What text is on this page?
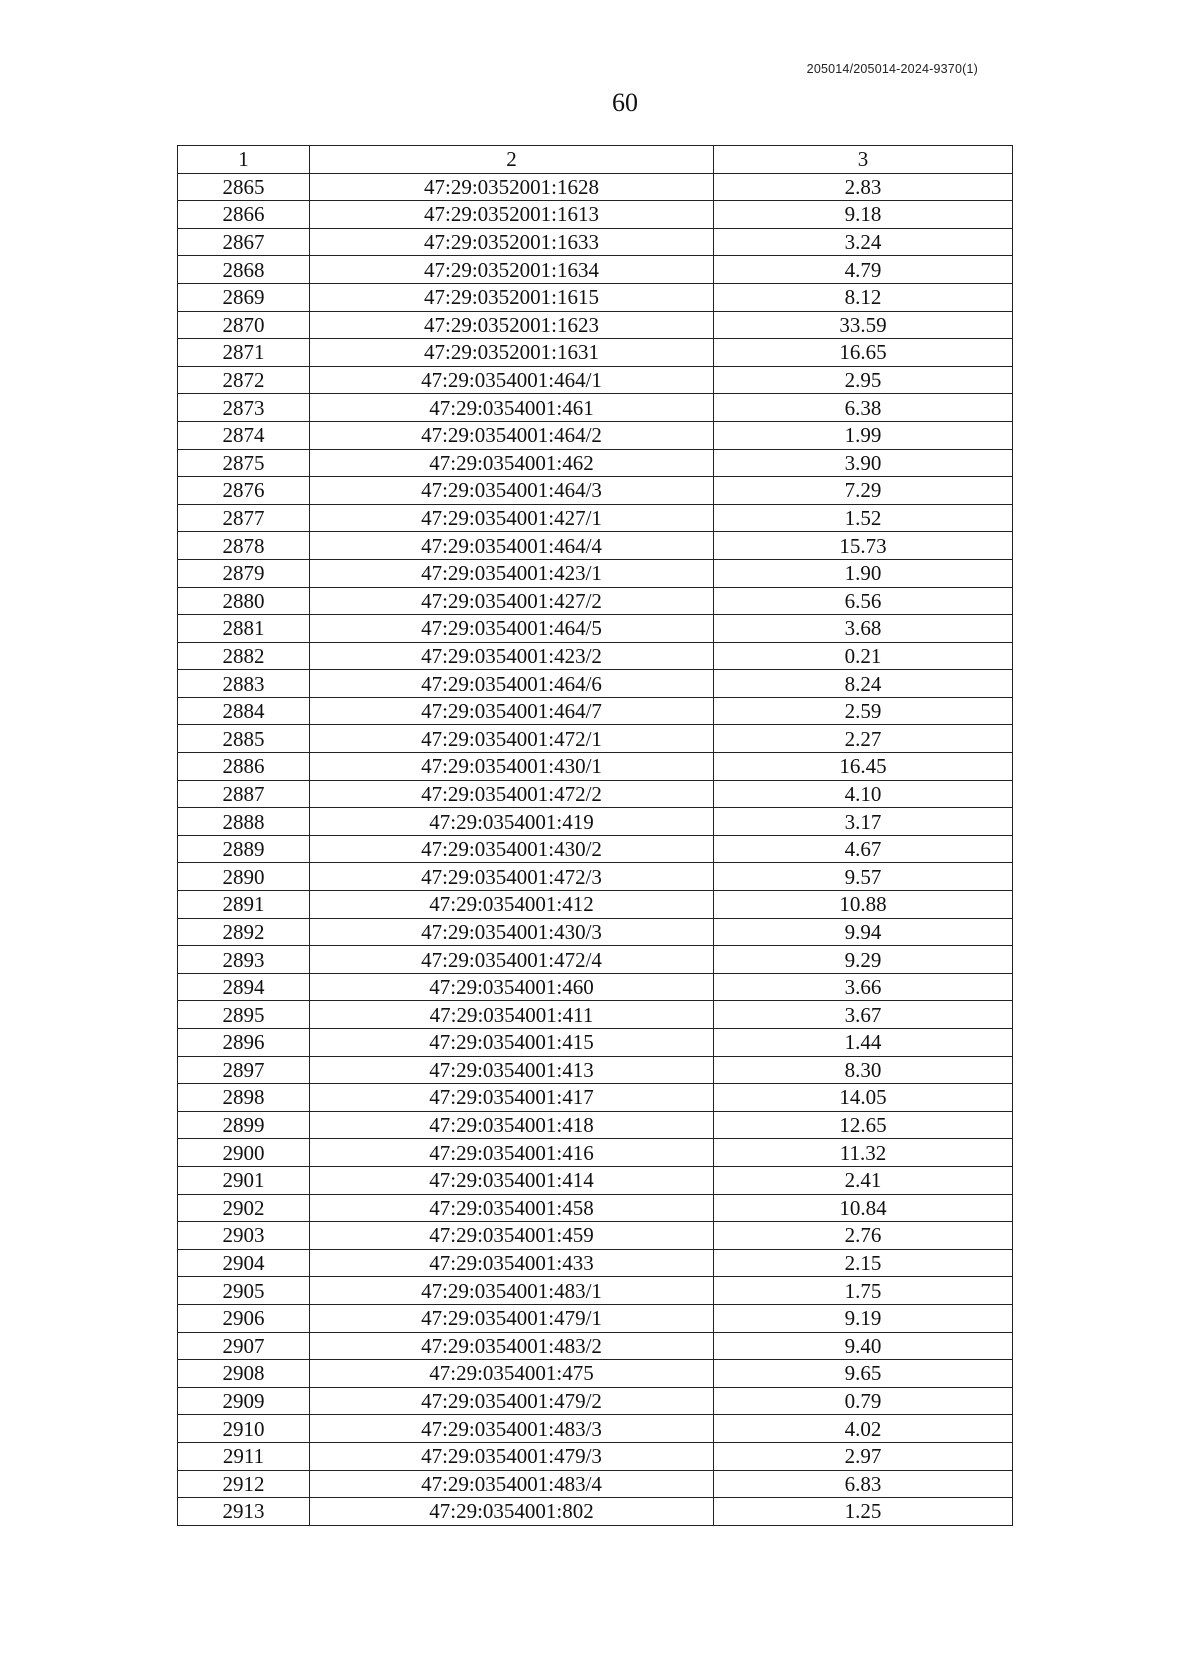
205014/205014-2024-9370(1)
60
1	2	3
2865	47:29:0352001:1628	2.83
2866	47:29:0352001:1613	9.18
2867	47:29:0352001:1633	3.24
2868	47:29:0352001:1634	4.79
2869	47:29:0352001:1615	8.12
2870	47:29:0352001:1623	33.59
2871	47:29:0352001:1631	16.65
2872	47:29:0354001:464/1	2.95
2873	47:29:0354001:461	6.38
2874	47:29:0354001:464/2	1.99
2875	47:29:0354001:462	3.90
2876	47:29:0354001:464/3	7.29
2877	47:29:0354001:427/1	1.52
2878	47:29:0354001:464/4	15.73
2879	47:29:0354001:423/1	1.90
2880	47:29:0354001:427/2	6.56
2881	47:29:0354001:464/5	3.68
2882	47:29:0354001:423/2	0.21
2883	47:29:0354001:464/6	8.24
2884	47:29:0354001:464/7	2.59
2885	47:29:0354001:472/1	2.27
2886	47:29:0354001:430/1	16.45
2887	47:29:0354001:472/2	4.10
2888	47:29:0354001:419	3.17
2889	47:29:0354001:430/2	4.67
2890	47:29:0354001:472/3	9.57
2891	47:29:0354001:412	10.88
2892	47:29:0354001:430/3	9.94
2893	47:29:0354001:472/4	9.29
2894	47:29:0354001:460	3.66
2895	47:29:0354001:411	3.67
2896	47:29:0354001:415	1.44
2897	47:29:0354001:413	8.30
2898	47:29:0354001:417	14.05
2899	47:29:0354001:418	12.65
2900	47:29:0354001:416	11.32
2901	47:29:0354001:414	2.41
2902	47:29:0354001:458	10.84
2903	47:29:0354001:459	2.76
2904	47:29:0354001:433	2.15
2905	47:29:0354001:483/1	1.75
2906	47:29:0354001:479/1	9.19
2907	47:29:0354001:483/2	9.40
2908	47:29:0354001:475	9.65
2909	47:29:0354001:479/2	0.79
2910	47:29:0354001:483/3	4.02
2911	47:29:0354001:479/3	2.97
2912	47:29:0354001:483/4	6.83
2913	47:29:0354001:802	1.25
